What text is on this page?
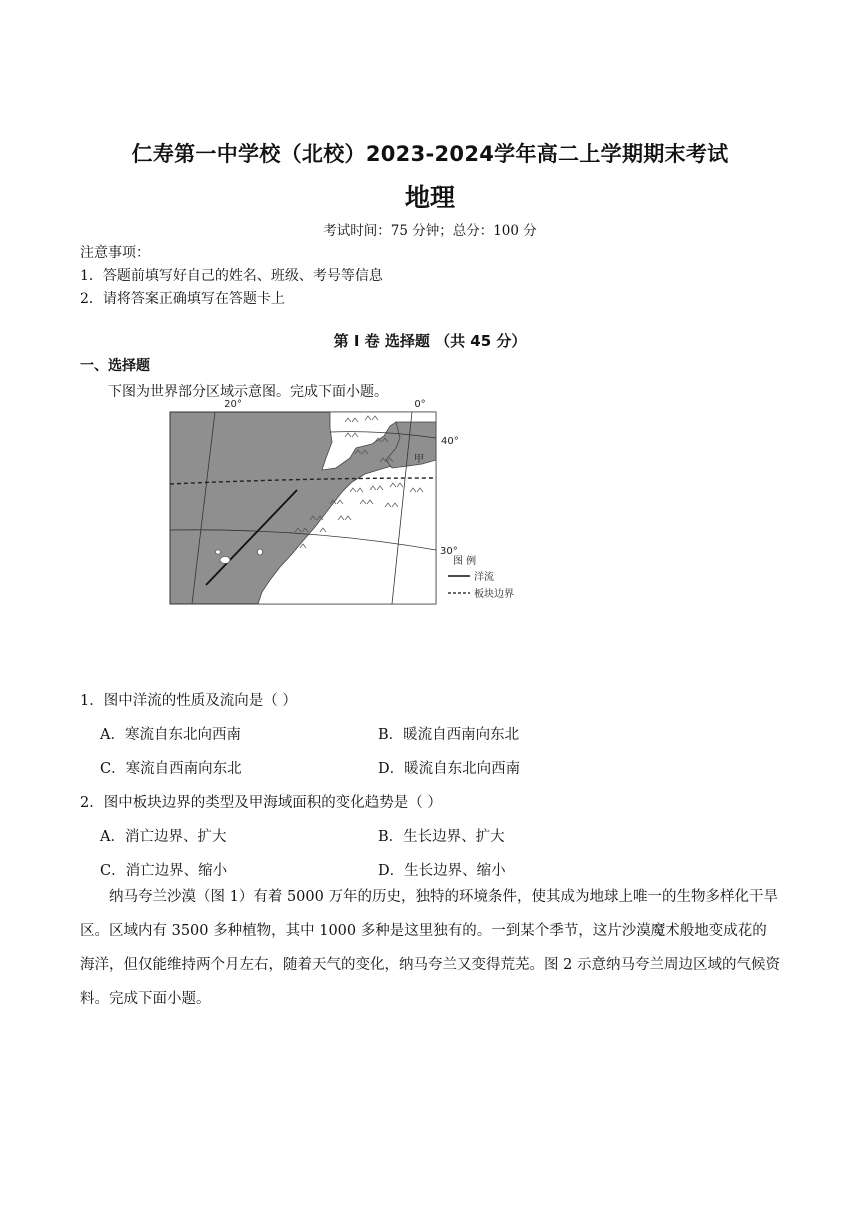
仁寿第一中学校（北校）2023-2024学年高二上学期期末考试
地理
考试时间：75 分钟；总分：100 分
注意事项：
1．答题前填写好自己的姓名、班级、考号等信息
2．请将答案正确填写在答题卡上
第 I 卷 选择题 （共 45 分）
一、选择题
下图为世界部分区域示意图。完成下面小题。
20°	0°
40°
30°
甲
图 例
洋流
板块边界
1．图中洋流的性质及流向是（ ）
A．寒流自东北向西南	B．暖流自西南向东北
C．寒流自西南向东北	D．暖流自东北向西南
2．图中板块边界的类型及甲海域面积的变化趋势是（ ）
A．消亡边界、扩大	B．生长边界、扩大
C．消亡边界、缩小	D．生长边界、缩小

纳马夸兰沙漠（图 1）有着 5000 万年的历史，独特的环境条件，使其成为地球上唯一的生物多样化干旱区。区域内有 3500 多种植物，其中 1000 多种是这里独有的。一到某个季节，这片沙漠魔术般地变成花的海洋，但仅能维持两个月左右，随着天气的变化，纳马夸兰又变得荒芜。图 2 示意纳马夸兰周边区域的气候资料。完成下面小题。
